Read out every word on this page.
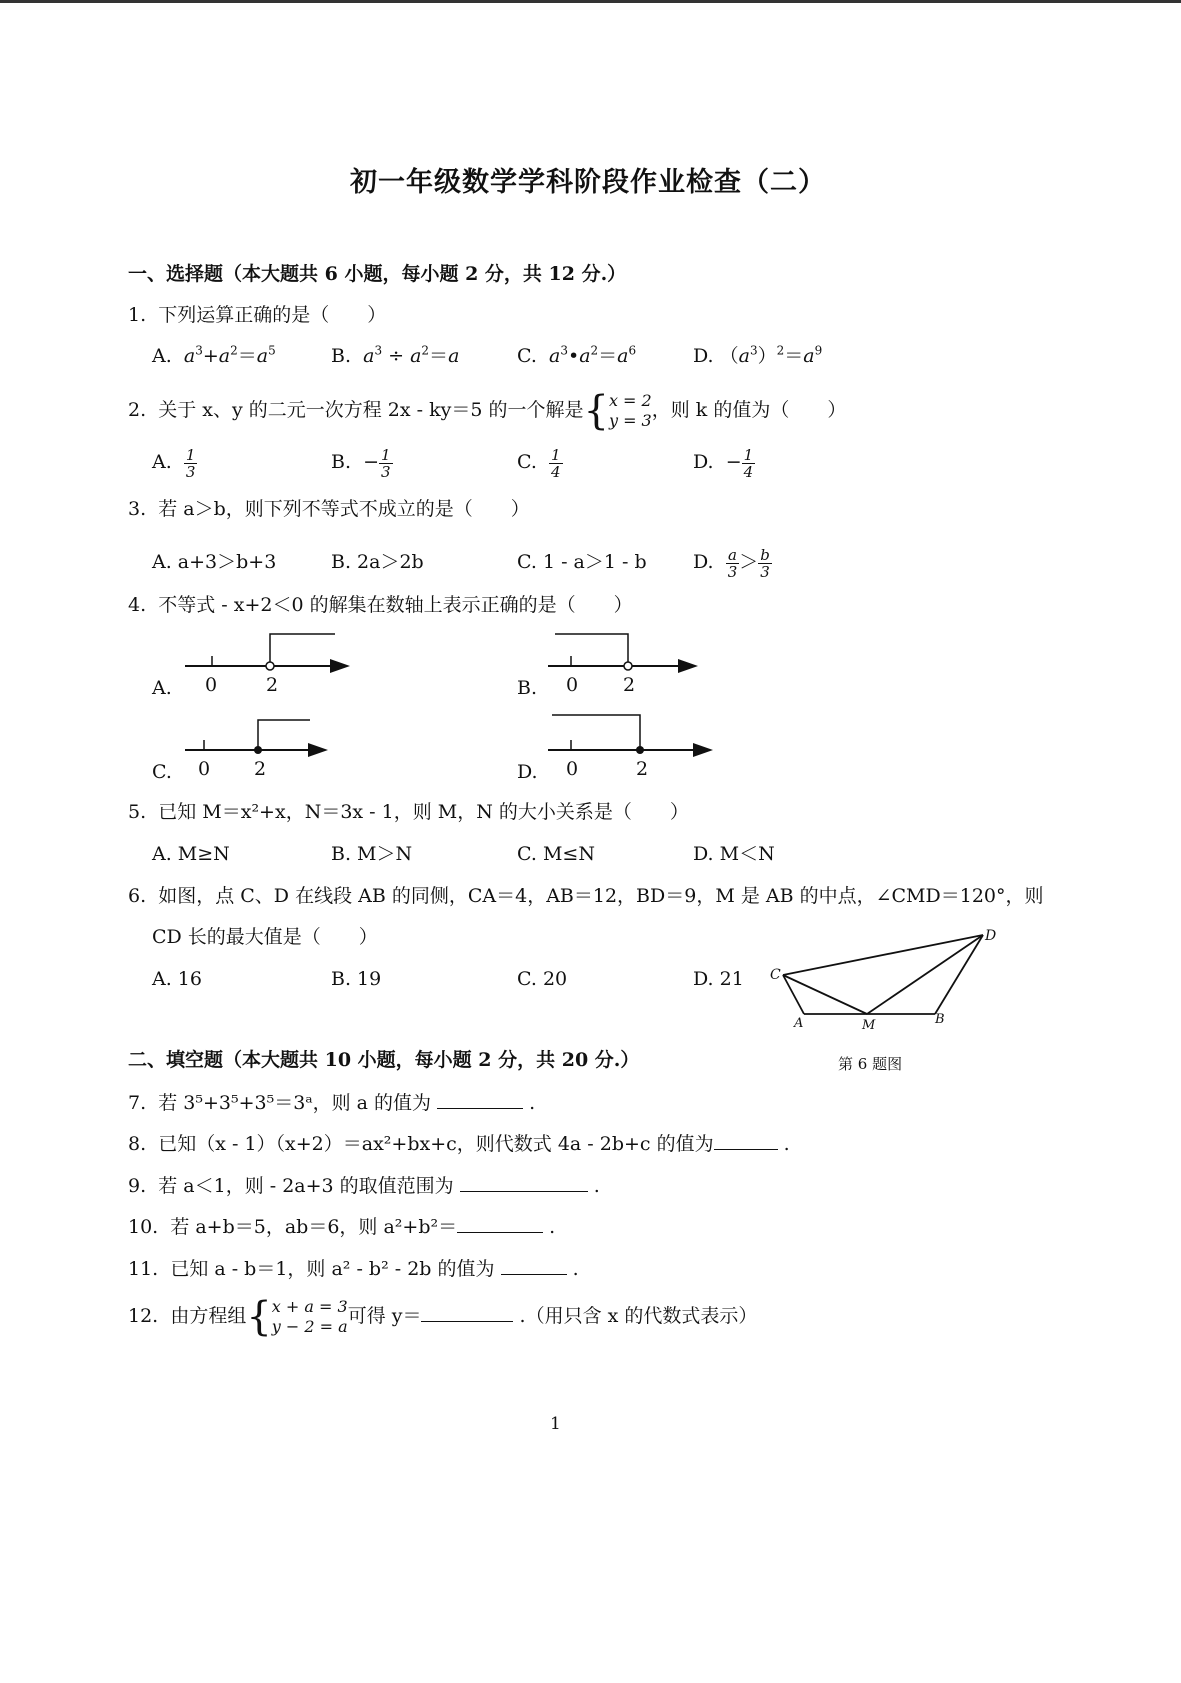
初一年级数学学科阶段作业检查（二）
一、选择题（本大题共 6 小题，每小题 2 分，共 12 分.）
1. 下列运算正确的是（　　）
A. $a^3+a^2=a^5$	B. $a^3 \div a^2=a$	C. $a^3•a^2=a^6$	D. $(a^3)^2=a^9$
2. 关于 x、y 的二元一次方程 2x - ky＝5 的一个解是{ x = 2
y = 3 ，则 k 的值为（　　）
A. $\frac{1}{3}$	B. − $\frac{1}{3}$	C. $\frac{1}{4}$	D. − $\frac{1}{4}$
3. 若 a＞b，则下列不等式不成立的是（　　）
A. a+3＞b+3	B. 2a＞2b	C. 1 - a＞1 - b D. $\frac{a}{3} > \frac{b}{3}$
4. 不等式 - x+2＜0 的解集在数轴上表示正确的是（　　）
A. 0	2	B. 0 2
C. 0 2	D. 0	2
5. 已知 M＝x²+x，N＝3x - 1，则 M，N 的大小关系是（　　）
A. M≥N	B. M＞N	C. M≤N	D. M＜N
6. 如图，点 C、D 在线段 AB 的同侧，CA＝4，AB＝12，BD＝9，M 是 AB 的中点，∠CMD＝120°，则
CD 长的最大值是（　　）
A. 16	B. 19	C. 20	D. 21 C
D
A	M	B
第 6 题图
二、填空题（本大题共 10 小题，每小题 2 分，共 20 分.）
7. 若 3⁵+3⁵+3⁵＝3ᵃ，则 a 的值为	.
8. 已知（x - 1）（x+2）＝ax²+bx+c，则代数式 4a - 2b+c 的值为	.
9. 若 a＜1，则 - 2a+3 的取值范围为	.
10. 若 a+b＝5，ab＝6，则 a²+b²＝	.
11. 已知 a - b＝1，则 a² - b² - 2b 的值为	.
12. 由方程组{ x + a = 3
y − 2 = a 可得 y＝	.（用只含 x 的代数式表示）
1
